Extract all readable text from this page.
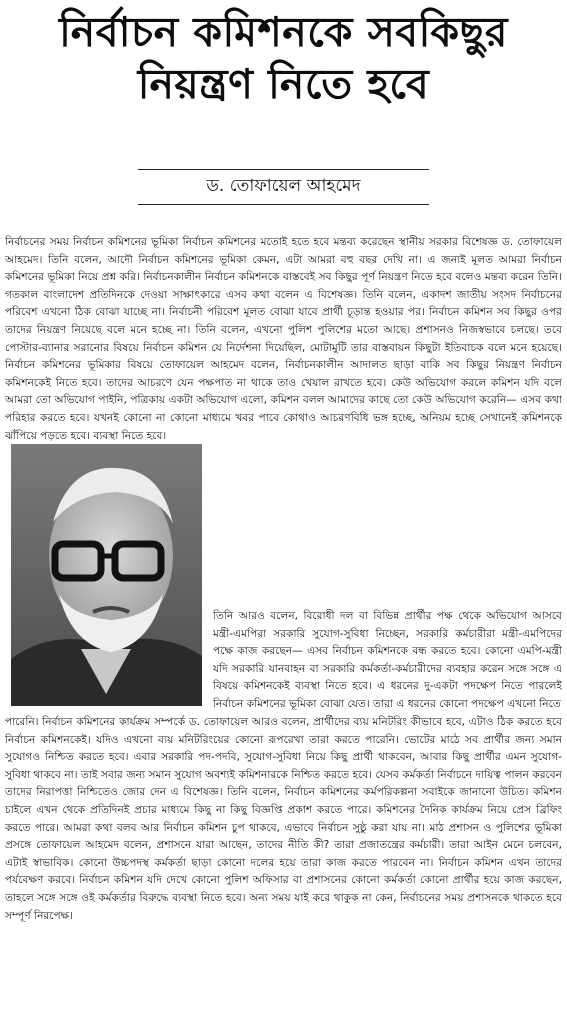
নির্বাচন কমিশনকে সবকিছুর
নিয়ন্ত্রণ নিতে হবে
ড. তোফায়েল আহমেদ

নির্বাচনের সময় নির্বাচন কমিশনের ভূমিকা নির্বাচন কমিশনের মতোই হতে হবে মন্তব্য করেছেন স্থানীয় সরকার বিশেষজ্ঞ ড. তোফায়েল আহমেদ। তিনি বলেন, আদৌ নির্বাচন কমিশনের ভূমিকা কেমন, এটা আমরা বহু বছর দেখি না। এ জন্যই মূলত আমরা নির্বাচন কমিশনের ভূমিকা নিয়ে প্রশ্ন করি। নির্বাচনকালীন নির্বাচন কমিশনকে বাস্তবেই সব কিছুর পূর্ণ নিয়ন্ত্রণ নিতে হবে বলেও মন্তব্য করেন তিনি। গতকাল বাংলাদেশ প্রতিদিনকে দেওয়া সাক্ষাৎকারে এসব কথা বলেন এ বিশেষজ্ঞ। তিনি বলেন, একাদশ জাতীয় সংসদ নির্বাচনের পরিবেশ এখনো ঠিক বোঝা যাচ্ছে না। নির্বাচনী পরিবেশ মূলত বোঝা যাবে প্রার্থী চূড়ান্ত হওয়ার পর। নির্বাচন কমিশন সব কিছুর ওপর তাদের নিয়ন্ত্রণ নিয়েছে বলে মনে হচ্ছে না। তিনি বলেন, এখনো পুলিশ পুলিশের মতো আছে। প্রশাসনও নিজস্বভাবে চলছে। তবে পোস্টার-ব্যানার সরানোর বিষয়ে নির্বাচন কমিশন যে নির্দেশনা দিয়েছিল, মোটামুটি তার বাস্তবায়ন কিছুটা ইতিবাচক বলে মনে হয়েছে। নির্বাচন কমিশনের ভূমিকার বিষয়ে তোফায়েল আহমেদ বলেন, নির্বাচনকালীন আদালত ছাড়া বাকি সব কিছুর নিয়ন্ত্রণ নির্বাচন কমিশনকেই নিতে হবে। তাদের আচরণে যেন পক্ষপাত না থাকে তাও খেয়াল রাখতে হবে। কেউ অভিযোগ করলে কমিশন যদি বলে আমরা তো অভিযোগ পাইনি, পত্রিকায় একটা অভিযোগ এলো, কমিশন বলল আমাদের কাছে তো কেউ অভিযোগ করেনি— এসব কথা পরিহার করতে হবে। যখনই কোনো না কোনো মাধ্যমে খবর পাবে কোথাও আচরণবিধি ভঙ্গ হচ্ছে, অনিয়ম হচ্ছে সেখানেই কমিশনকে ঝাঁপিয়ে পড়তে হবে। ব্যবস্থা নিতে হবে।

তিনি আরও বলেন, বিরোধী দল বা বিভিন্ন প্রার্থীর পক্ষ থেকে অভিযোগ আসবে মন্ত্রী-এমপিরা সরকারি সুযোগ-সুবিধা নিচ্ছেন, সরকারি কর্মচারীরা মন্ত্রী-এমপিদের পক্ষে কাজ করছেন— এসব নির্বাচন কমিশনকে বন্ধ করতে হবে। কোনো এমপি-মন্ত্রী যদি সরকারি যানবাহন বা সরকারি কর্মকর্তা-কর্মচারীদের ব্যবহার করেন সঙ্গে সঙ্গে এ বিষয়ে কমিশনকেই ব্যবস্থা নিতে হবে। এ ধরনের দু-একটা পদক্ষেপ নিতে পারলেই নির্বাচন কমিশনের ভূমিকা বোঝা যেত। তারা এ ধরনের কোনো পদক্ষেপ এখনো নিতে

পারেনি। নির্বাচন কমিশনের কার্যক্রম সম্পর্কে ড. তোফায়েল আরও বলেন, প্রার্থীদের ব্যয় মনিটরিং কীভাবে হবে, এটাও ঠিক করতে হবে নির্বাচন কমিশনকেই। যদিও এখনো ব্যয় মনিটরিংয়ের কোনো রূপরেখা তারা করতে পারেনি। ভোটের মাঠে সব প্রার্থীর জন্য সমান সুযোগও নিশ্চিত করতে হবে। এবার সরকারি পদ-পদবি, সুযোগ-সুবিধা নিয়ে কিছু প্রার্থী থাকবেন, আবার কিছু প্রার্থীর এমন সুযোগ-সুবিধা থাকবে না। তাই সবার জন্য সমান সুযোগ অবশ্যই কমিশনারকে নিশ্চিত করতে হবে। যেসব কর্মকর্তা নির্বাচনে দায়িত্ব পালন করবেন তাদের নিরাপত্তা নিশ্চিতেও জোর দেন এ বিশেষজ্ঞ। তিনি বলেন, নির্বাচন কমিশনের কর্মপরিকল্পনা সবাইকে জানানো উচিত। কমিশন চাইলে এখন থেকে প্রতিদিনই প্রচার মাধ্যমে কিছু না কিছু বিজ্ঞপ্তি প্রকাশ করতে পারে। কমিশনের দৈনিক কার্যক্রম নিয়ে প্রেস ব্রিফিং করতে পারে। আমরা কথা বলব আর নির্বাচন কমিশন চুপ থাকবে, এভাবে নির্বাচন সুষ্ঠু করা যায় না। মাঠ প্রশাসন ও পুলিশের ভূমিকা প্রসঙ্গে তোফায়েল আহমেদ বলেন, প্রশাসনে যারা আছেন, তাদের নীতি কী? তারা প্রজাতন্ত্রের কর্মচারী। তারা আইন মেনে চলবেন, এটাই স্বাভাবিক। কোনো উচ্চপদস্থ কর্মকর্তা ছাড়া কোনো দলের হয়ে তারা কাজ করতে পারবেন না। নির্বাচন কমিশন এখন তাদের পর্যবেক্ষণ করবে। নির্বাচন কমিশন যদি দেখে কোনো পুলিশ অফিসার বা প্রশাসনের কোনো কর্মকর্তা কোনো প্রার্থীর হয়ে কাজ করছেন, তাহলে সঙ্গে সঙ্গে ওই কর্মকর্তার বিরুদ্ধে ব্যবস্থা নিতে হবে। অন্য সময় যাই করে থাকুক না কেন, নির্বাচনের সময় প্রশাসনকে থাকতে হবে সম্পূর্ণ নিরপেক্ষ।
